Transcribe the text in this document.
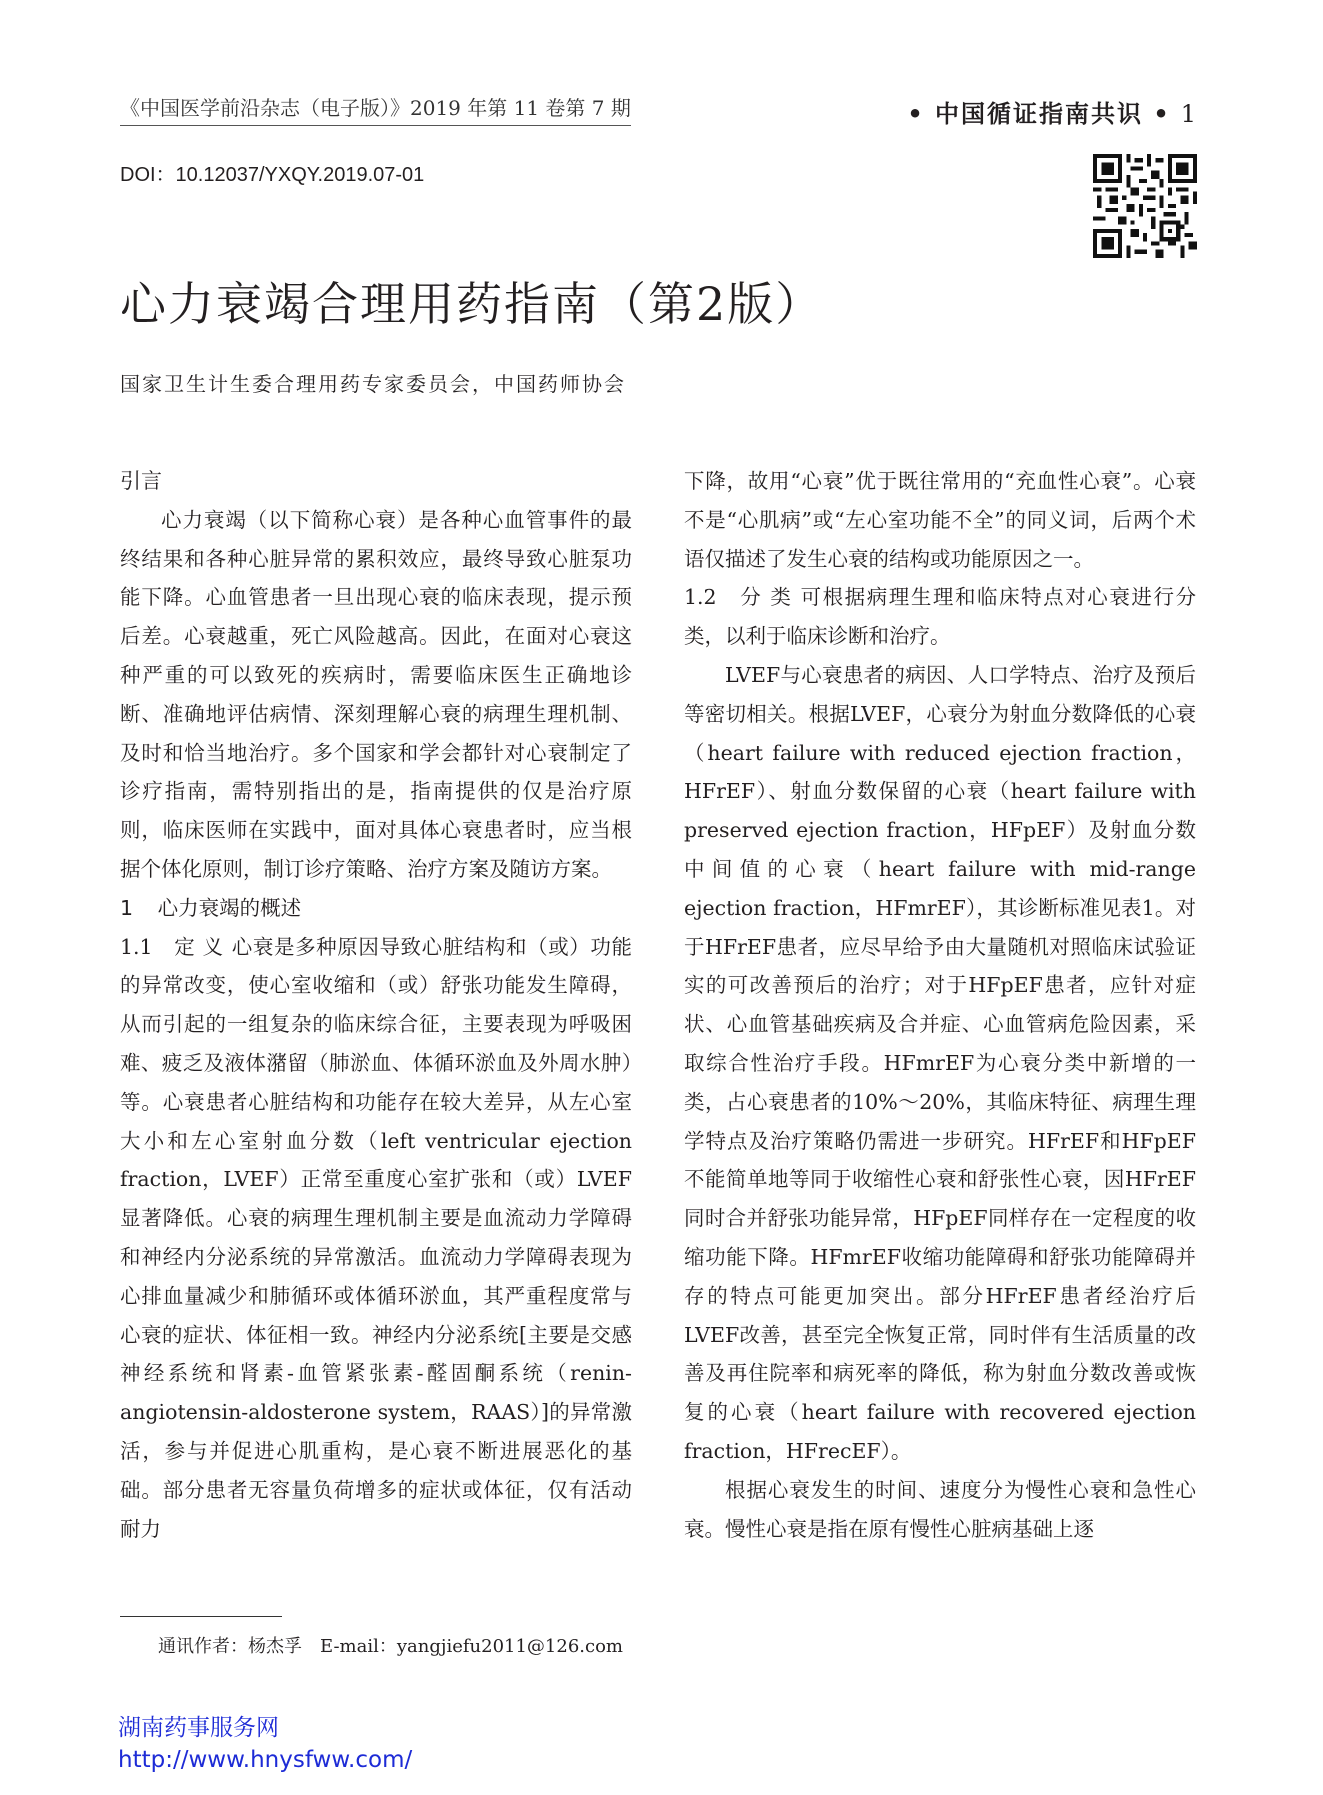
《中国医学前沿杂志（电子版）》2019 年第 11 卷第 7 期	• 中国循证指南共识 • 1
DOI：10.12037/YXQY.2019.07-01
心力衰竭合理用药指南（第2版）
国家卫生计生委合理用药专家委员会，中国药师协会

引言

心力衰竭（以下简称心衰）是各种心血管事件的最终结果和各种心脏异常的累积效应，最终导致心脏泵功能下降。心血管患者一旦出现心衰的临床表现，提示预后差。心衰越重，死亡风险越高。因此，在面对心衰这种严重的可以致死的疾病时，需要临床医生正确地诊断、准确地评估病情、深刻理解心衰的病理生理机制、及时和恰当地治疗。多个国家和学会都针对心衰制定了诊疗指南，需特别指出的是，指南提供的仅是治疗原则，临床医师在实践中，面对具体心衰患者时，应当根据个体化原则，制订诊疗策略、治疗方案及随访方案。

1 心力衰竭的概述

1.1　定 义 心衰是多种原因导致心脏结构和（或）功能的异常改变，使心室收缩和（或）舒张功能发生障碍，从而引起的一组复杂的临床综合征，主要表现为呼吸困难、疲乏及液体潴留（肺淤血、体循环淤血及外周水肿）等。心衰患者心脏结构和功能存在较大差异，从左心室大小和左心室射血分数（left ventricular ejection fraction，LVEF）正常至重度心室扩张和（或）LVEF显著降低。心衰的病理生理机制主要是血流动力学障碍和神经内分泌系统的异常激活。血流动力学障碍表现为心排血量减少和肺循环或体循环淤血，其严重程度常与心衰的症状、体征相一致。神经内分泌系统[主要是交感神经系统和肾素-血管紧张素-醛固酮系统（renin-angiotensin-aldosterone system，RAAS）]的异常激活，参与并促进心肌重构，是心衰不断进展恶化的基础。部分患者无容量负荷增多的症状或体征，仅有活动耐力

下降，故用“心衰”优于既往常用的“充血性心衰”。心衰不是“心肌病”或“左心室功能不全”的同义词，后两个术语仅描述了发生心衰的结构或功能原因之一。

1.2　分 类 可根据病理生理和临床特点对心衰进行分类，以利于临床诊断和治疗。

LVEF与心衰患者的病因、人口学特点、治疗及预后等密切相关。根据LVEF，心衰分为射血分数降低的心衰（heart failure with reduced ejection fraction，HFrEF）、射血分数保留的心衰（heart failure with preserved ejection fraction，HFpEF）及射血分数中间值的心衰（heart failure with mid-range ejection fraction，HFmrEF），其诊断标准见表1。对于HFrEF患者，应尽早给予由大量随机对照临床试验证实的可改善预后的治疗；对于HFpEF患者，应针对症状、心血管基础疾病及合并症、心血管病危险因素，采取综合性治疗手段。HFmrEF为心衰分类中新增的一类，占心衰患者的10%～20%，其临床特征、病理生理学特点及治疗策略仍需进一步研究。HFrEF和HFpEF不能简单地等同于收缩性心衰和舒张性心衰，因HFrEF同时合并舒张功能异常，HFpEF同样存在一定程度的收缩功能下降。HFmrEF收缩功能障碍和舒张功能障碍并存的特点可能更加突出。部分HFrEF患者经治疗后LVEF改善，甚至完全恢复正常，同时伴有生活质量的改善及再住院率和病死率的降低，称为射血分数改善或恢复的心衰（heart failure with recovered ejection fraction，HFrecEF）。

根据心衰发生的时间、速度分为慢性心衰和急性心衰。慢性心衰是指在原有慢性心脏病基础上逐

通讯作者：杨杰孚　E-mail：yangjiefu2011@126.com
湖南药事服务网
http://www.hnysfww.com/
